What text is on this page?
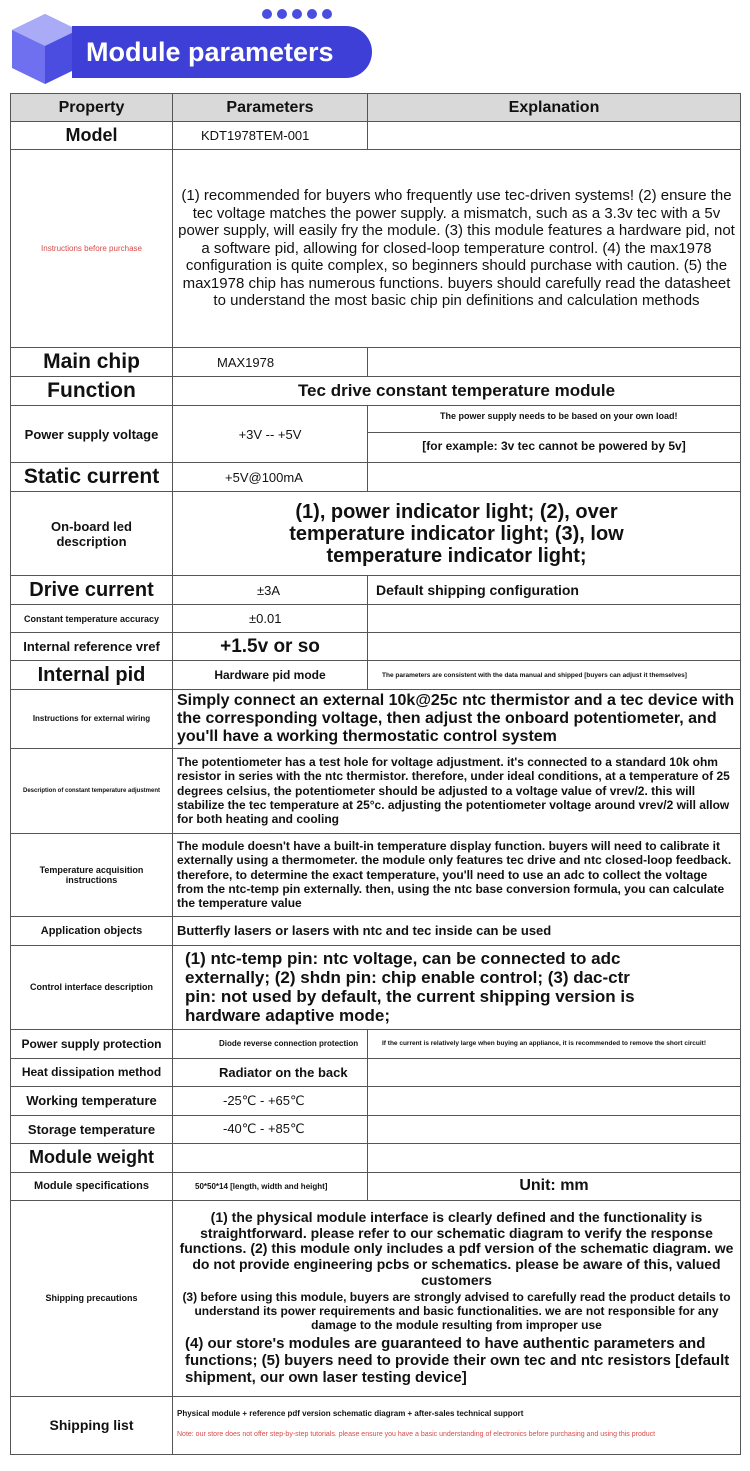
Module parameters
Property	Parameters	Explanation
Model	KDT1978TEM-001	
Instructions before purchase	(1) recommended for buyers who frequently use tec-driven systems! (2) ensure the tec voltage matches the power supply. a mismatch, such as a 3.3v tec with a 5v power supply, will easily fry the module. (3) this module features a hardware pid, not a software pid, allowing for closed-loop temperature control. (4) the max1978 configuration is quite complex, so beginners should purchase with caution. (5) the max1978 chip has numerous functions. buyers should carefully read the datasheet to understand the most basic chip pin definitions and calculation methods	
Main chip	MAX1978	
Function	Tec drive constant temperature module	
Power supply voltage	+3V -- +5V	The power supply needs to be based on your own load!
[for example: 3v tec cannot be powered by 5v]

Static current	+5V@100mA	
On-board led description	(1), power indicator light; (2), over temperature indicator light; (3), low temperature indicator light;	
Drive current	±3A	Default shipping configuration
Constant temperature accuracy	±0.01	
Internal reference vref	+1.5v or so	
Internal pid	Hardware pid mode	The parameters are consistent with the data manual and shipped [buyers can adjust it themselves]
Instructions for external wiring	Simply connect an external 10k@25c ntc thermistor and a tec device with the corresponding voltage, then adjust the onboard potentiometer, and you'll have a working thermostatic control system	
Description of constant temperature adjustment	The potentiometer has a test hole for voltage adjustment. it's connected to a standard 10k ohm resistor in series with the ntc thermistor. therefore, under ideal conditions, at a temperature of 25 degrees celsius, the potentiometer should be adjusted to a voltage value of vrev/2. this will stabilize the tec temperature at 25°c. adjusting the potentiometer voltage around vrev/2 will allow for both heating and cooling	
Temperature acquisition instructions	The module doesn't have a built-in temperature display function. buyers will need to calibrate it externally using a thermometer. the module only features tec drive and ntc closed-loop feedback. therefore, to determine the exact temperature, you'll need to use an adc to collect the voltage from the ntc-temp pin externally. then, using the ntc base conversion formula, you can calculate the temperature value	
Application objects	Butterfly lasers or lasers with ntc and tec inside can be used	
Control interface description	(1) ntc-temp pin: ntc voltage, can be connected to adc externally; (2) shdn pin: chip enable control; (3) dac-ctr pin: not used by default, the current shipping version is hardware adaptive mode;	
Power supply protection	Diode reverse connection protection	If the current is relatively large when buying an appliance, it is recommended to remove the short circuit!
Heat dissipation method	Radiator on the back	
Working temperature	-25℃ - +65℃	
Storage temperature	-40℃ - +85℃	
Module weight		
Module specifications	50*50*14 [length, width and height]	Unit: mm
Shipping precautions	(1) the physical module interface is clearly defined and the functionality is straightforward. please refer to our schematic diagram to verify the response functions. (2) this module only includes a pdf version of the schematic diagram. we do not provide engineering pcbs or schematics. please be aware of this, valued customers
(3) before using this module, buyers are strongly advised to carefully read the product details to understand its power requirements and basic functionalities. we are not responsible for any damage to the module resulting from improper use
(4) our store's modules are guaranteed to have authentic parameters and functions; (5) buyers need to provide their own tec and ntc resistors [default shipment, our own laser testing device]	

Shipping list	Physical module + reference pdf version schematic diagram + after-sales technical support
Note: our store does not offer step-by-step tutorials. please ensure you have a basic understanding of electronics before purchasing and using this product	
